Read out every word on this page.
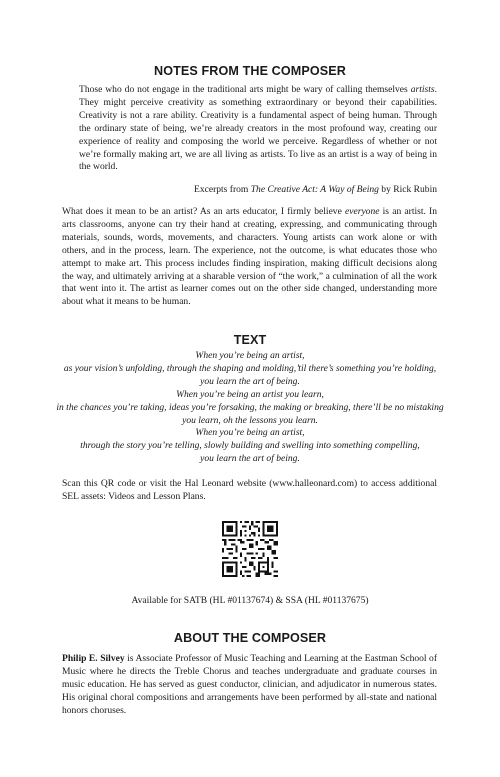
NOTES FROM THE COMPOSER
Those who do not engage in the traditional arts might be wary of calling themselves artists. They might perceive creativity as something extraordinary or beyond their capabilities. Creativity is not a rare ability. Creativity is a fundamental aspect of being human. Through the ordinary state of being, we’re already creators in the most profound way, creating our experience of reality and composing the world we perceive. Regardless of whether or not we’re formally making art, we are all living as artists. To live as an artist is a way of being in the world.
Excerpts from The Creative Act: A Way of Being by Rick Rubin
What does it mean to be an artist? As an arts educator, I firmly believe everyone is an artist. In arts classrooms, anyone can try their hand at creating, expressing, and communicating through materials, sounds, words, movements, and characters. Young artists can work alone or with others, and in the process, learn. The experience, not the outcome, is what educates those who attempt to make art. This process includes finding inspiration, making difficult decisions along the way, and ultimately arriving at a sharable version of “the work,” a culmination of all the work that went into it. The artist as learner comes out on the other side changed, understanding more about what it means to be human.
TEXT
When you’re being an artist,
as your vision’s unfolding, through the shaping and molding,’til there’s something you’re holding,
you learn the art of being.
When you’re being an artist you learn,
in the chances you’re taking, ideas you’re forsaking, the making or breaking, there’ll be no mistaking
you learn, oh the lessons you learn.
When you’re being an artist,
through the story you’re telling, slowly building and swelling into something compelling,
you learn the art of being.
Scan this QR code or visit the Hal Leonard website (www.halleonard.com) to access additional SEL assets: Videos and Lesson Plans.
Available for SATB (HL #01137674) & SSA (HL #01137675)
ABOUT THE COMPOSER
Philip E. Silvey is Associate Professor of Music Teaching and Learning at the Eastman School of Music where he directs the Treble Chorus and teaches undergraduate and graduate courses in music education. He has served as guest conductor, clinician, and adjudicator in numerous states. His original choral compositions and arrangements have been performed by all-state and national honors choruses.
